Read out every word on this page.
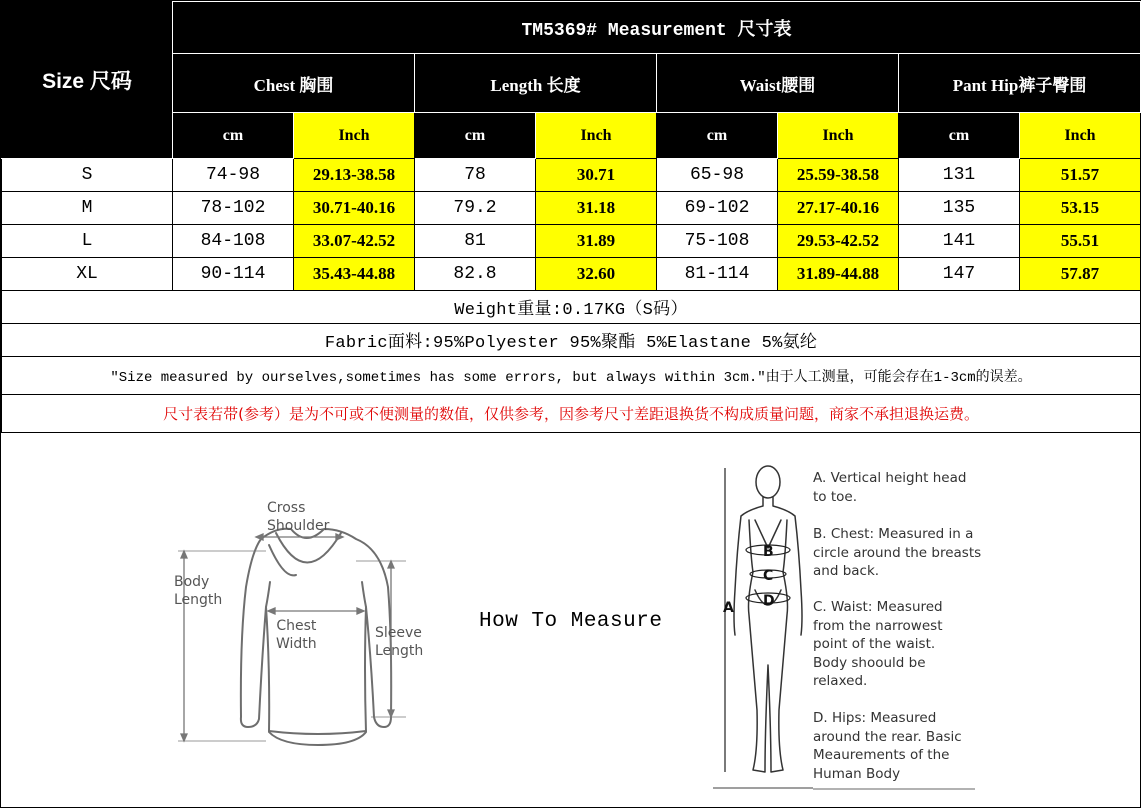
Size 尺码	TM5369# Measurement 尺寸表							
	Chest 胸围		Length 长度		Waist腰围		Pant Hip裤子臀围	
	cm	Inch	cm	Inch	cm	Inch	cm	Inch
S	74-98	29.13-38.58	78	30.71	65-98	25.59-38.58	131	51.57
M	78-102	30.71-40.16	79.2	31.18	69-102	27.17-40.16	135	53.15
L	84-108	33.07-42.52	81	31.89	75-108	29.53-42.52	141	55.51
XL	90-114	35.43-44.88	82.8	32.60	81-114	31.89-44.88	147	57.87
Weight重量:0.17KG（S码）								
Fabric面料:95%Polyester 95%聚酯 5%Elastane 5%氨纶								
"Size measured by ourselves,sometimes has some errors, but always within 3cm."由于人工测量，可能会存在1-3cm的误差。								
尺寸表若带(参考）是为不可或不便测量的数值，仅供参考，因参考尺寸差距退换货不构成质量问题，商家不承担退换运费。								
Cross
Shoulder
Body
Length
Chest
Width
Sleeve
Length
How To Measure
B
C
D
A
A. Vertical height head to toe.
B. Chest: Measured in a circle around the breasts and back.
C. Waist: Measured from the narrowest point of the waist. Body shoould be relaxed.
D. Hips: Measured around the rear. Basic Meaurements of the Human Body
